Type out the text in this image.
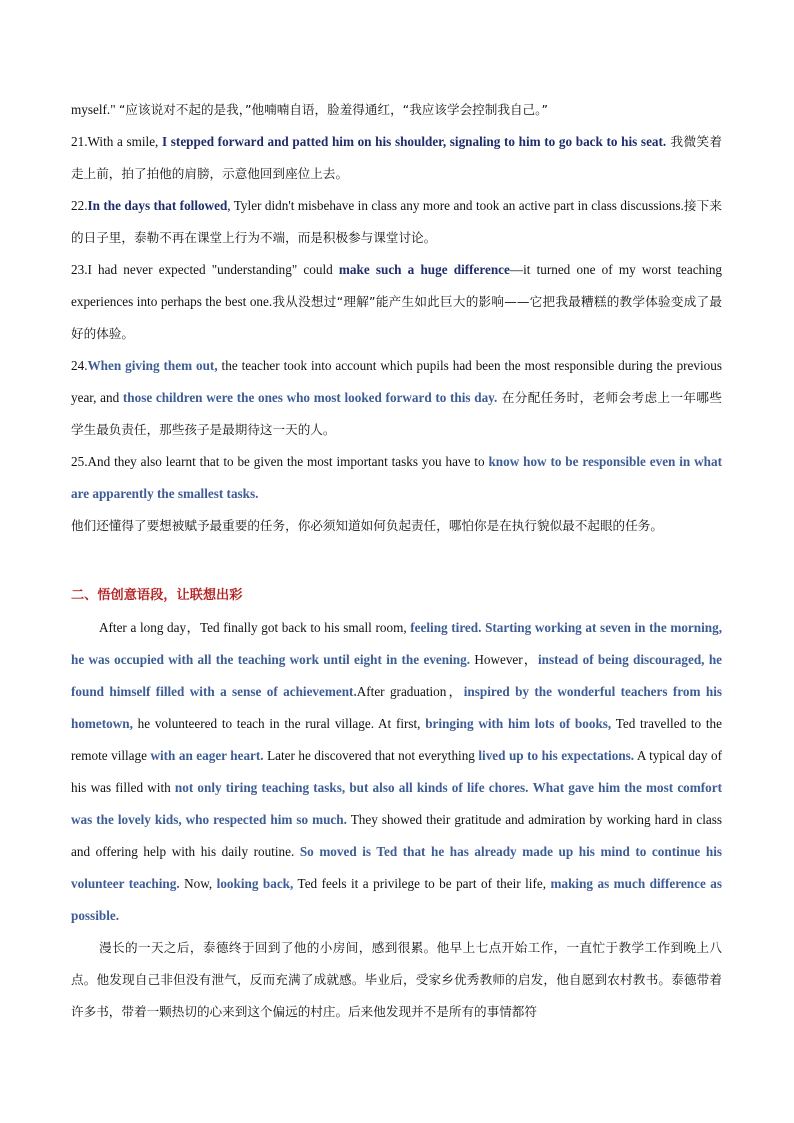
myself." “应该说对不起的是我，”他喃喃自语，脸羞得通红，“我应该学会控制我自己。”

21.With a smile, I stepped forward and patted him on his shoulder, signaling to him to go back to his seat. 我微笑着走上前，拍了拍他的肩膀，示意他回到座位上去。

22.In the days that followed, Tyler didn't misbehave in class any more and took an active part in class discussions.接下来的日子里，泰勒不再在课堂上行为不端，而是积极参与课堂讨论。

23.I had never expected "understanding" could make such a huge difference—it turned one of my worst teaching experiences into perhaps the best one.我从没想过“理解”能产生如此巨大的影响——它把我最糟糕的教学体验变成了最好的体验。

24.When giving them out, the teacher took into account which pupils had been the most responsible during the previous year, and those children were the ones who most looked forward to this day. 在分配任务时，老师会考虑上一年哪些学生最负责任，那些孩子是最期待这一天的人。

25.And they also learnt that to be given the most important tasks you have to know how to be responsible even in what are apparently the smallest tasks.

他们还懂得了要想被赋予最重要的任务，你必须知道如何负起责任，哪怕你是在执行貌似最不起眼的任务。

二、悟创意语段，让联想出彩

After a long day，Ted finally got back to his small room, feeling tired. Starting working at seven in the morning, he was occupied with all the teaching work until eight in the evening. However，instead of being discouraged, he found himself filled with a sense of achievement.After graduation，inspired by the wonderful teachers from his hometown, he volunteered to teach in the rural village. At first, bringing with him lots of books, Ted travelled to the remote village with an eager heart. Later he discovered that not everything lived up to his expectations. A typical day of his was filled with not only tiring teaching tasks, but also all kinds of life chores. What gave him the most comfort was the lovely kids, who respected him so much. They showed their gratitude and admiration by working hard in class and offering help with his daily routine. So moved is Ted that he has already made up his mind to continue his volunteer teaching. Now, looking back, Ted feels it a privilege to be part of their life, making as much difference as possible.

漫长的一天之后，泰德终于回到了他的小房间，感到很累。他早上七点开始工作，一直忙于教学工作到晚上八点。他发现自己非但没有泄气，反而充满了成就感。毕业后，受家乡优秀教师的启发，他自愿到农村教书。泰德带着许多书，带着一颗热切的心来到这个偏远的村庄。后来他发现并不是所有的事情都符
